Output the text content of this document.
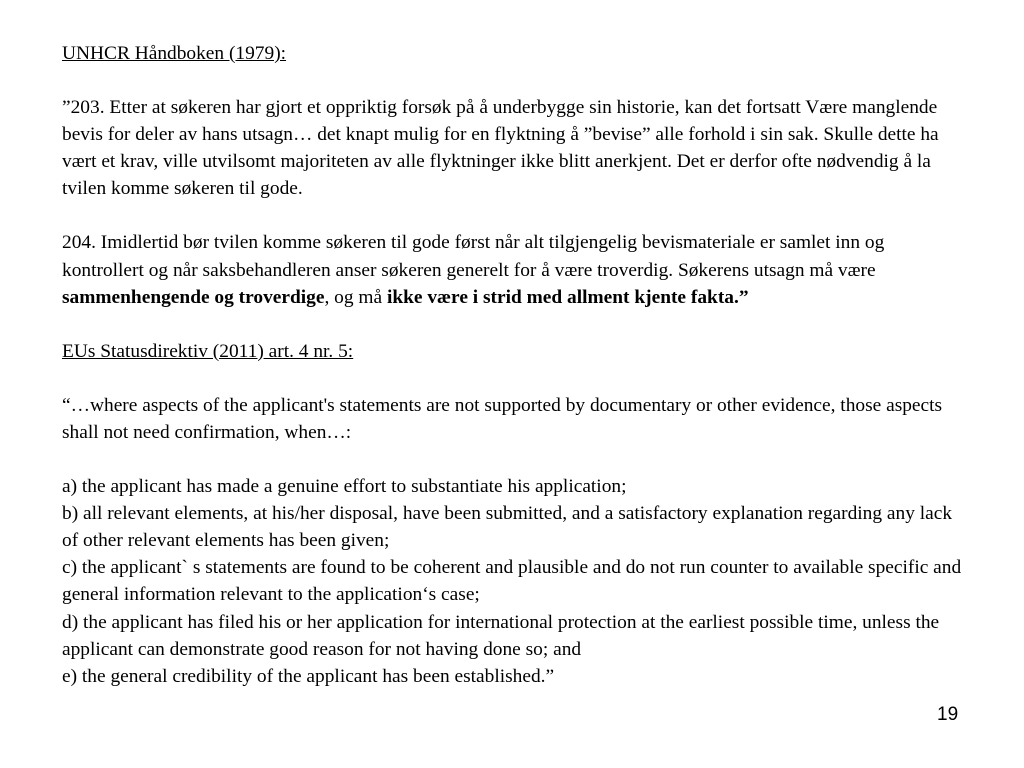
UNHCR Håndboken (1979):

”203. Etter at søkeren har gjort et oppriktig forsøk på å underbygge sin historie, kan det fortsatt Være manglende bevis for deler av hans utsagn… det knapt mulig for en flyktning å ”bevise” alle forhold i sin sak. Skulle dette ha vært et krav, ville utvilsomt majoriteten av alle flyktninger ikke blitt anerkjent. Det er derfor ofte nødvendig å la tvilen komme søkeren til gode.

204. Imidlertid bør tvilen komme søkeren til gode først når alt tilgjengelig bevismateriale er samlet inn og kontrollert og når saksbehandleren anser søkeren generelt for å være troverdig. Søkerens utsagn må være sammenhengende og troverdige, og må ikke være i strid med allment kjente fakta.”

EUs Statusdirektiv (2011) art. 4 nr. 5:

“…where aspects of the applicant's statements are not supported by documentary or other evidence, those aspects shall not need confirmation, when…:

a) the applicant has made a genuine effort to substantiate his application;

b) all relevant elements, at his/her disposal, have been submitted, and a satisfactory explanation regarding any lack of other relevant elements has been given;

c) the applicant` s statements are found to be coherent and plausible and do not run counter to available specific and general information relevant to the application‘s case;

d) the applicant has filed his or her application for international protection at the earliest possible time, unless the applicant can demonstrate good reason for not having done so; and

e) the general credibility of the applicant has been established.”

19
